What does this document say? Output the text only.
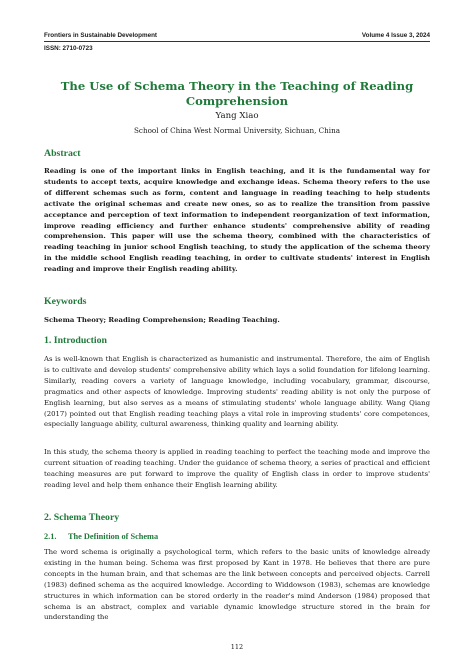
Frontiers in Sustainable Development	Volume 4 Issue 3, 2024
ISSN: 2710-0723
The Use of Schema Theory in the Teaching of Reading Comprehension
Yang Xiao
School of China West Normal University, Sichuan, China
Abstract

Reading is one of the important links in English teaching, and it is the fundamental way for students to accept texts, acquire knowledge and exchange ideas. Schema theory refers to the use of different schemas such as form, content and language in reading teaching to help students activate the original schemas and create new ones, so as to realize the transition from passive acceptance and perception of text information to independent reorganization of text information, improve reading efficiency and further enhance students' comprehensive ability of reading comprehension. This paper will use the schema theory, combined with the characteristics of reading teaching in junior school English teaching, to study the application of the schema theory in the middle school English reading teaching, in order to cultivate students' interest in English reading and improve their English reading ability.

Keywords

Schema Theory; Reading Comprehension; Reading Teaching.

1. Introduction

As is well-known that English is characterized as humanistic and instrumental. Therefore, the aim of English is to cultivate and develop students' comprehensive ability which lays a solid foundation for lifelong learning. Similarly, reading covers a variety of language knowledge, including vocabulary, grammar, discourse, pragmatics and other aspects of knowledge. Improving students' reading ability is not only the purpose of English learning, but also serves as a means of stimulating students' whole language ability. Wang Qiang (2017) pointed out that English reading teaching plays a vital role in improving students' core competences, especially language ability, cultural awareness, thinking quality and learning ability.

In this study, the schema theory is applied in reading teaching to perfect the teaching mode and improve the current situation of reading teaching. Under the guidance of schema theory, a series of practical and efficient teaching measures are put forward to improve the quality of English class in order to improve students' reading level and help them enhance their English learning ability.

2. Schema Theory
2.1. The Definition of Schema

The word schema is originally a psychological term, which refers to the basic units of knowledge already existing in the human being. Schema was first proposed by Kant in 1978. He believes that there are pure concepts in the human brain, and that schemas are the link between concepts and perceived objects. Carrell (1983) defined schema as the acquired knowledge. According to Widdowson (1983), schemas are knowledge structures in which information can be stored orderly in the reader's mind Anderson (1984) proposed that schema is an abstract, complex and variable dynamic knowledge structure stored in the brain for understanding the

112
